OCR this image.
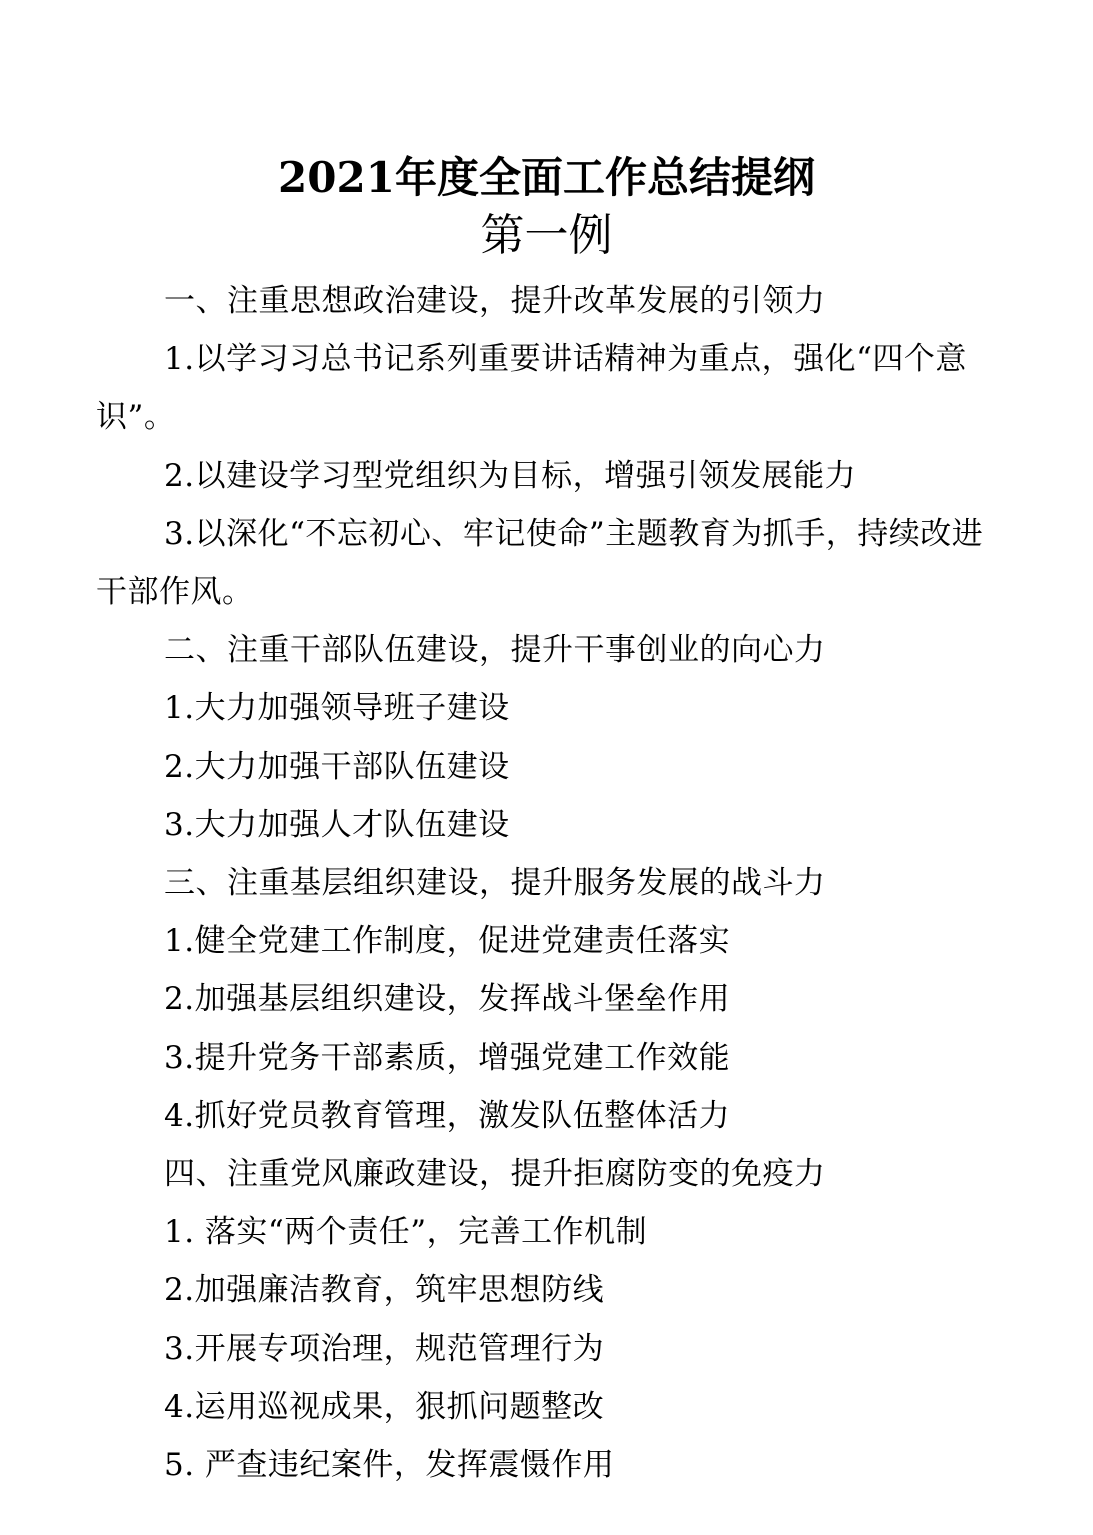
2021年度全面工作总结提纲
第一例

一、注重思想政治建设，提升改革发展的引领力

1.以学习习总书记系列重要讲话精神为重点，强化“四个意识”。

2.以建设学习型党组织为目标，增强引领发展能力

3.以深化“不忘初心、牢记使命”主题教育为抓手，持续改进干部作风。

二、注重干部队伍建设，提升干事创业的向心力

1.大力加强领导班子建设

2.大力加强干部队伍建设

3.大力加强人才队伍建设

三、注重基层组织建设，提升服务发展的战斗力

1.健全党建工作制度，促进党建责任落实

2.加强基层组织建设，发挥战斗堡垒作用

3.提升党务干部素质，增强党建工作效能

4.抓好党员教育管理，激发队伍整体活力

四、注重党风廉政建设，提升拒腐防变的免疫力

1. 落实“两个责任”，完善工作机制

2.加强廉洁教育，筑牢思想防线

3.开展专项治理，规范管理行为

4.运用巡视成果，狠抓问题整改

5. 严查违纪案件，发挥震慑作用
